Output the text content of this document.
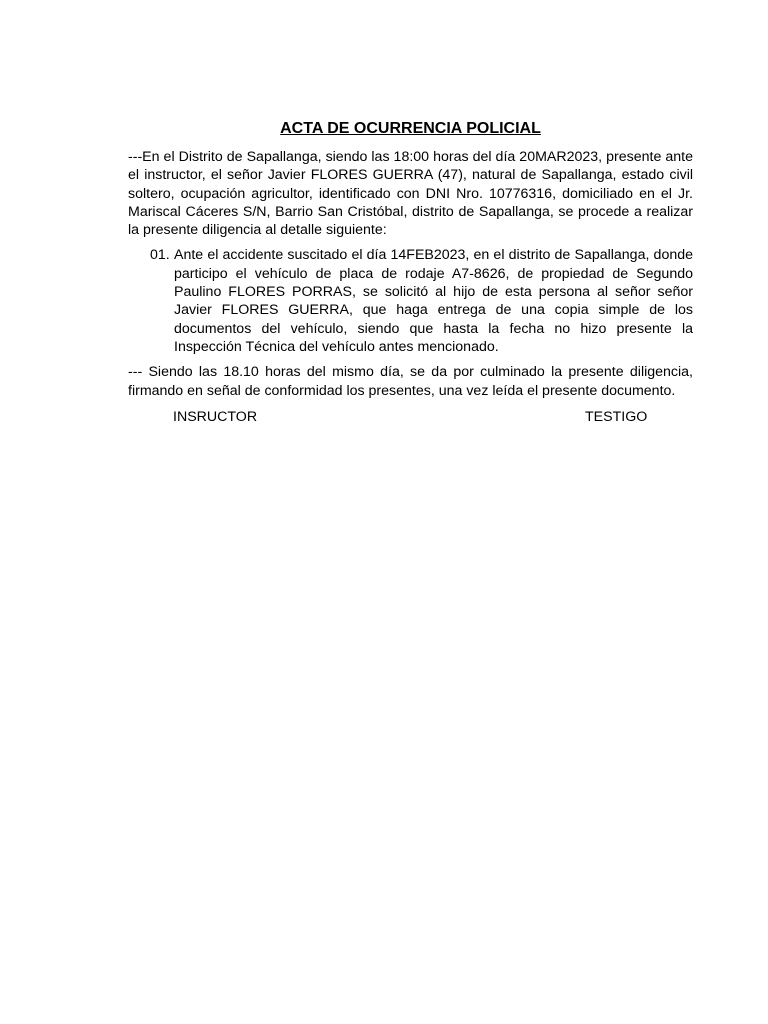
ACTA DE OCURRENCIA POLICIAL

---En el Distrito de Sapallanga, siendo las 18:00 horas del día 20MAR2023, presente ante el instructor, el señor Javier FLORES GUERRA (47), natural de Sapallanga, estado civil soltero, ocupación agricultor, identificado con DNI Nro. 10776316, domiciliado en el Jr. Mariscal Cáceres S/N, Barrio San Cristóbal, distrito de Sapallanga, se procede a realizar la presente diligencia al detalle siguiente:

01. Ante el accidente suscitado el día 14FEB2023, en el distrito de Sapallanga, donde participo el vehículo de placa de rodaje A7-8626, de propiedad de Segundo Paulino FLORES PORRAS, se solicitó al hijo de esta persona al señor señor Javier FLORES GUERRA, que haga entrega de una copia simple de los documentos del vehículo, siendo que hasta la fecha no hizo presente la Inspección Técnica del vehículo antes mencionado.

--- Siendo las 18.10 horas del mismo día, se da por culminado la presente diligencia, firmando en señal de conformidad los presentes, una vez leída el presente documento.

INSRUCTOR	TESTIGO
